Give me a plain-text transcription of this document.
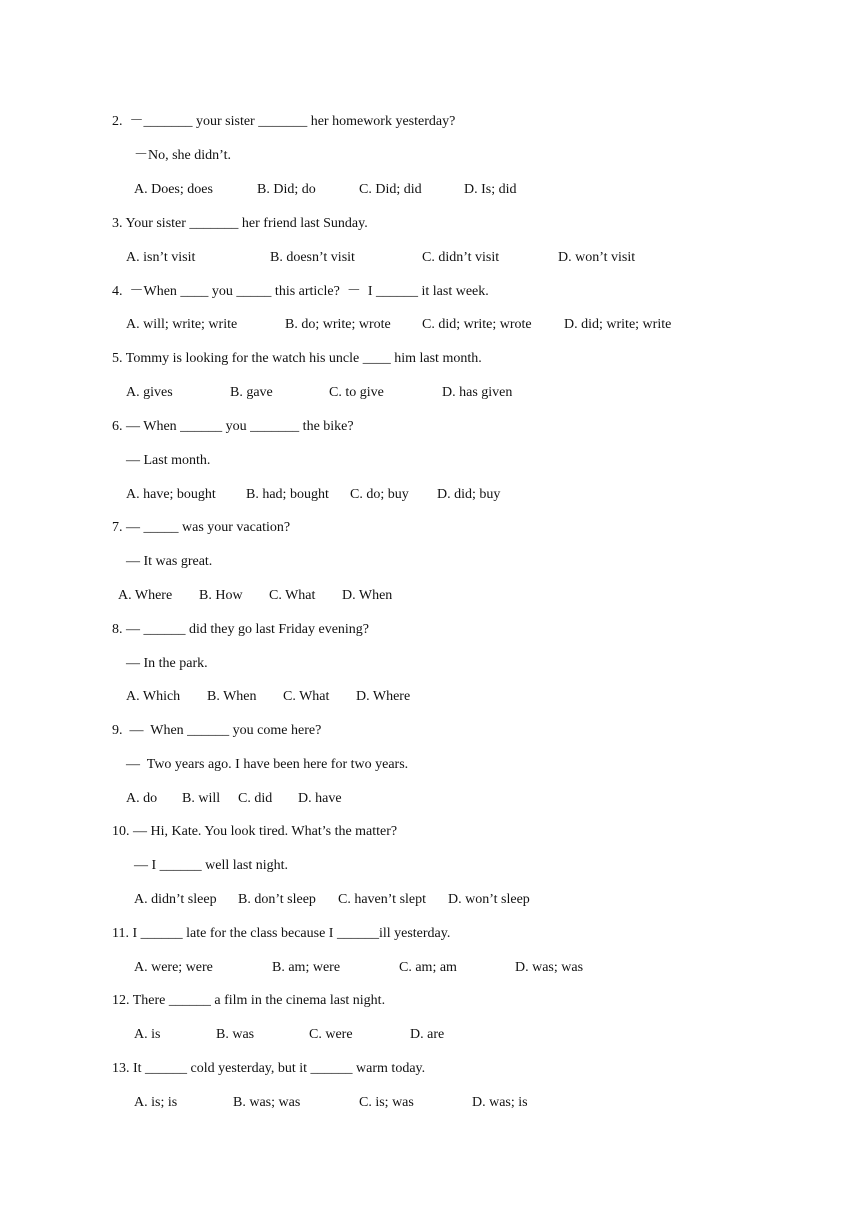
2.  －_______ your sister _______ her homework yesterday?
－No, she didn’t.
A. Does; does	B. Did; do	C. Did; did	D. Is; did
3. Your sister _______ her friend last Sunday.
A. isn’t visit	B. doesn’t visit	C. didn’t visit	D. won’t visit
4.  －When ____ you _____ this article?  －  I ______ it last week.
A. will; write; write	B. do; write; wrote C. did; write; wrote D. did; write; write
5. Tommy is looking for the watch his uncle ____ him last month.
A. gives	B. gave	C. to give	D. has given
6. — When ______ you _______ the bike?
— Last month.
A. have; bought B. had; bought C. do; buy D. did; buy
7. — _____ was your vacation?
— It was great.
A. Where B. How C. What D. When
8. — ______ did they go last Friday evening?
— In the park.
A. Which B. When C. What D. Where
9.  —  When ______ you come here?
—  Two years ago. I have been here for two years.
A. do B. will C. did D. have
10. — Hi, Kate. You look tired. What’s the matter?
— I ______ well last night.
A. didn’t sleep B. don’t sleep C. haven’t slept D. won’t sleep
11. I ______ late for the class because I ______ill yesterday.
A. were; were	B. am; were	C. am; am	D. was; was
12. There ______ a film in the cinema last night.
A. is	B. was	C. were	D. are
13. It ______ cold yesterday, but it ______ warm today.
A. is; is	B. was; was	C. is; was	D. was; is
